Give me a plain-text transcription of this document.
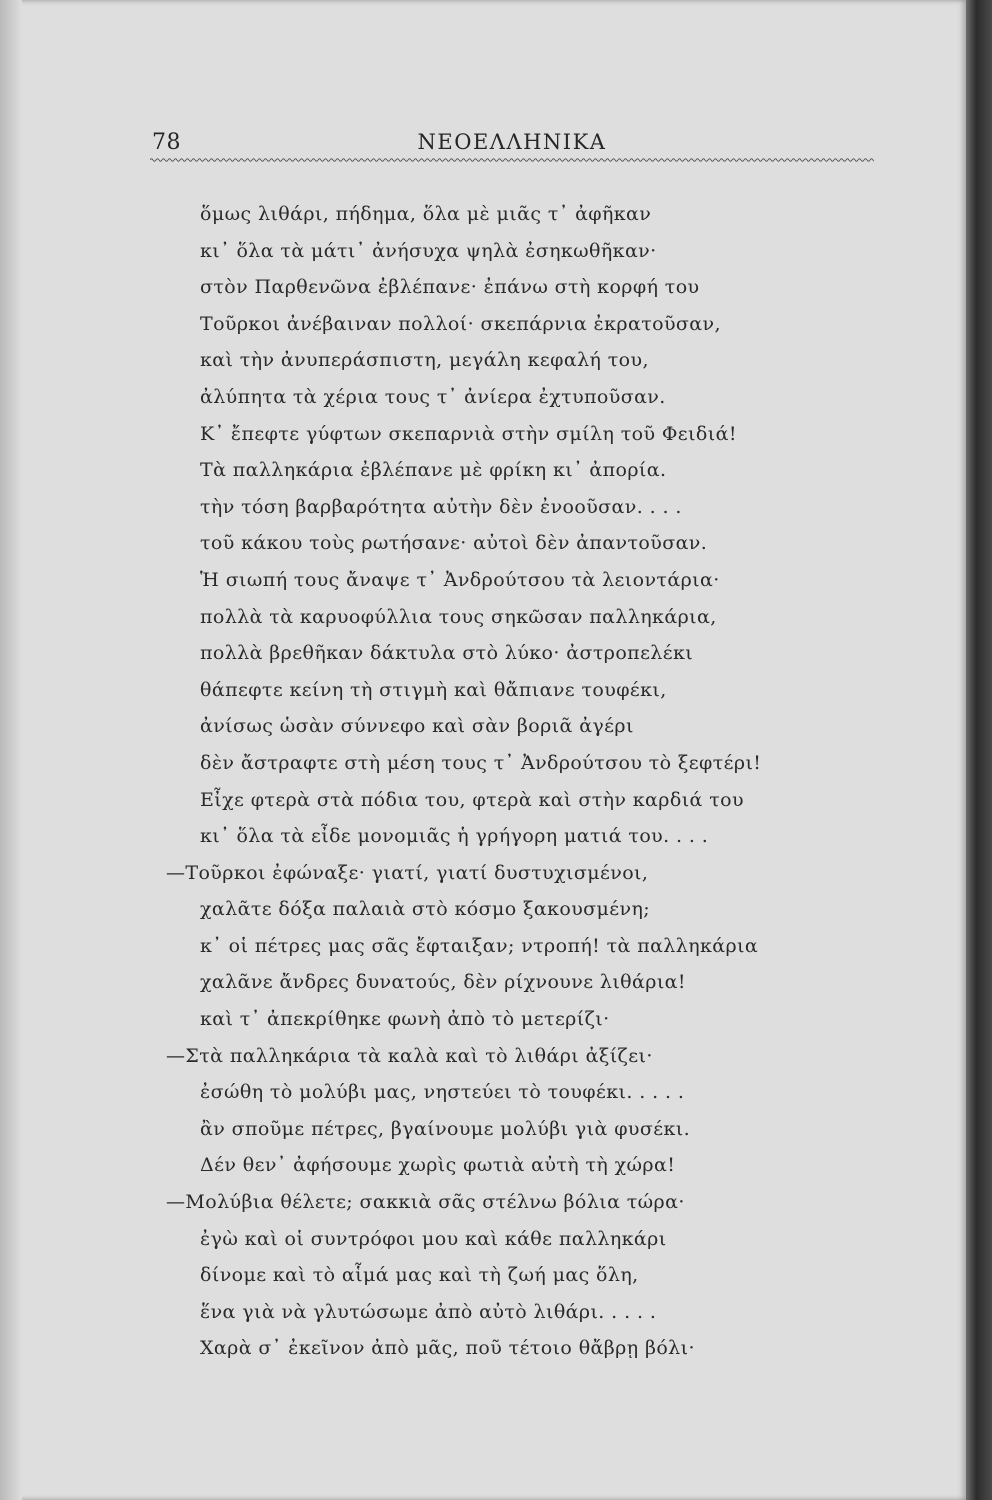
78	ΝΕΟΕΛΛΗΝΙΚΑ
ὅμως λιθάρι, πήδημα, ὅλα μὲ μιᾶς τ᾽ ἀφῆκαν
κι᾽ ὅλα τὰ μάτι᾽ ἀνήσυχα ψηλὰ ἐσηκωθῆκαν·
στὸν Παρθενῶνα ἐβλέπανε· ἐπάνω στὴ κορφή του
Τοῦρκοι ἀνέβαιναν πολλοί· σκεπάρνια ἐκρατοῦσαν,
καὶ τὴν ἀνυπεράσπιστη, μεγάλη κεφαλή του,
ἀλύπητα τὰ χέρια τους τ᾽ ἀνίερα ἐχτυποῦσαν.
Κ᾽ ἔπεφτε γύφτων σκεπαρνιὰ στὴν σμίλη τοῦ Φειδιά!
Τὰ παλληκάρια ἐβλέπανε μὲ φρίκη κι᾽ ἀπορία.
τὴν τόση βαρβαρότητα αὐτὴν δὲν ἐνοοῦσαν. . . .
τοῦ κάκου τοὺς ρωτήσανε· αὐτοὶ δὲν ἀπαντοῦσαν.
Ἡ σιωπή τους ἄναψε τ᾽ Ἀνδρούτσου τὰ λειοντάρια·
πολλὰ τὰ καρυοφύλλια τους σηκῶσαν παλληκάρια,
πολλὰ βρεθῆκαν δάκτυλα στὸ λύκο· ἀστροπελέκι
θάπεφτε κείνη τὴ στιγμὴ καὶ θἄπιανε τουφέκι,
ἀνίσως ὡσὰν σύννεφο καὶ σὰν βοριᾶ ἀγέρι
δὲν ἄστραφτε στὴ μέση τους τ᾽ Ἀνδρούτσου τὸ ξεφτέρι!
Εἶχε φτερὰ στὰ πόδια του, φτερὰ καὶ στὴν καρδιά του
κι᾽ ὅλα τὰ εἶδε μονομιᾶς ἡ γρήγορη ματιά του. . . .
—Τοῦρκοι ἐφώναξε· γιατί, γιατί δυστυχισμένοι,
χαλᾶτε δόξα παλαιὰ στὸ κόσμο ξακουσμένη;
κ᾽ οἱ πέτρες μας σᾶς ἔφταιξαν; ντροπή! τὰ παλληκάρια
χαλᾶνε ἄνδρες δυνατούς, δὲν ρίχνουνε λιθάρια!
καὶ τ᾽ ἀπεκρίθηκε φωνὴ ἀπὸ τὸ μετερίζι·
—Στὰ παλληκάρια τὰ καλὰ καὶ τὸ λιθάρι ἀξίζει·
ἐσώθη τὸ μολύβι μας, νηστεύει τὸ τουφέκι. . . . .
ἂν σποῦμε πέτρες, βγαίνουμε μολύβι γιὰ φυσέκι.
Δέν θεν᾽ ἀφήσουμε χωρὶς φωτιὰ αὐτὴ τὴ χώρα!
—Μολύβια θέλετε; σακκιὰ σᾶς στέλνω βόλια τώρα·
ἐγὼ καὶ οἱ συντρόφοι μου καὶ κάθε παλληκάρι
δίνομε καὶ τὸ αἷμά μας καὶ τὴ ζωή μας ὅλη,
ἕνα γιὰ νὰ γλυτώσωμε ἀπὸ αὐτὸ λιθάρι. . . . .
Χαρὰ σ᾽ ἐκεῖνον ἀπὸ μᾶς, ποῦ τέτοιο θἄβρῃ βόλι·
